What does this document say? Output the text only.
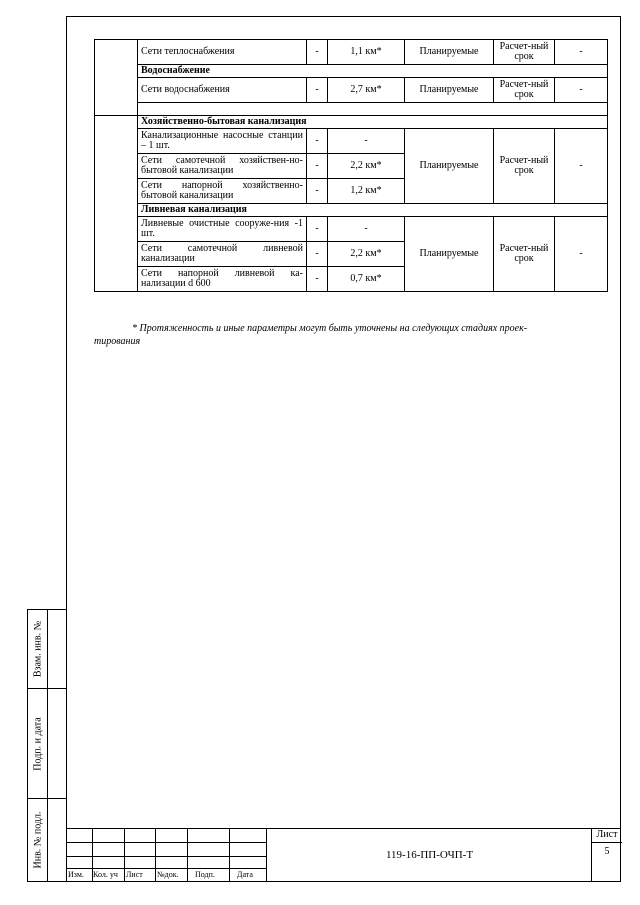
Взам. инв. №
Подп. и дата
Инв. № подл.
	Сети теплоснабжения	-	1,1 км*	Планируемые	Расчет-ный срок	-
	Водоснабжение					
	Сети водоснабжения	-	2,7 км*	Планируемые	Расчет-ный срок	-

	Хозяйственно-бытовая канализация					
	Канализационные насосные станции – 1 шт.	-	-	Планируемые	Расчет-ный срок	-
	Сети самотечной хозяйствен-но-бытовой канализации	-	2,2 км*			
	Сети напорной хозяйственно-бытовой канализации	-	1,2 км*			
	Ливневая канализация					
	Ливневые очистные сооруже-ния -1 шт.	-	-	Планируемые	Расчет-ный срок	-
	Сети самотечной ливневой канализации	-	2,2 км*			
	Сети напорной ливневой ка-нализации d 600	-	0,7 км*			
* Протяженность и иные параметры могут быть уточнены на следующих стадиях проек-
тирования
Изм. Кол. уч Лист №док. Подп.	Дата
119-16-ПП-ОЧП-Т
Лист
5
